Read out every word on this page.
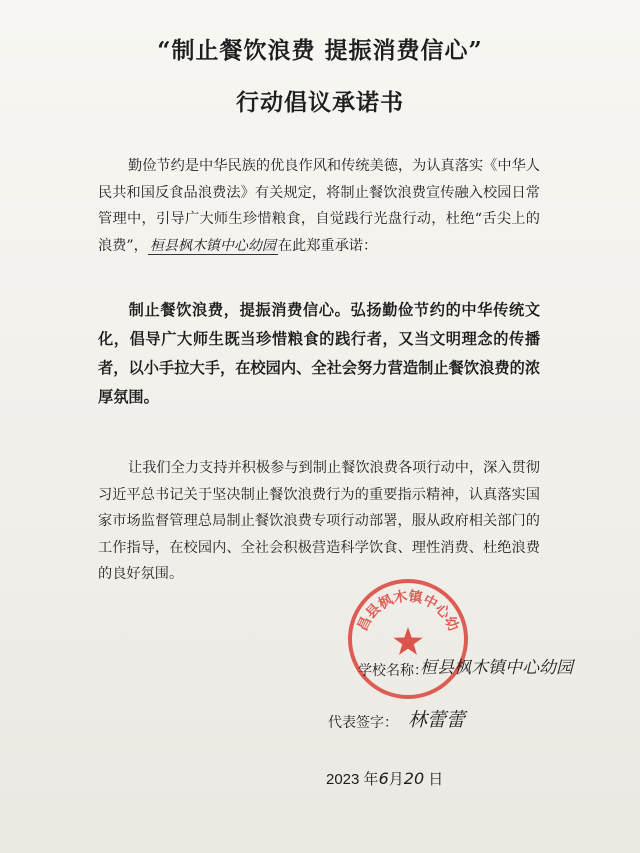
“制止餐饮浪费 提振消费信心”
行动倡议承诺书
勤俭节约是中华民族的优良作风和传统美德，为认真落实《中华人民共和国反食品浪费法》有关规定，将制止餐饮浪费宣传融入校园日常管理中，引导广大师生珍惜粮食，自觉践行光盘行动，杜绝“舌尖上的浪费”， 桓县枫木镇中心幼园 在此郑重承诺：
制止餐饮浪费，提振消费信心。弘扬勤俭节约的中华传统文化，倡导广大师生既当珍惜粮食的践行者，又当文明理念的传播者，以小手拉大手，在校园内、全社会努力营造制止餐饮浪费的浓厚氛围。
让我们全力支持并积极参与到制止餐饮浪费各项行动中，深入贯彻习近平总书记关于坚决制止餐饮浪费行为的重要指示精神，认真落实国家市场监督管理总局制止餐饮浪费专项行动部署，服从政府相关部门的工作指导，在校园内、全社会积极营造科学饮食、理性消费、杜绝浪费的良好氛围。
昌县枫木镇中心幼
学校名称：
桓县枫木镇中心幼园
代表签字： 林蕾蕾
2023 年6月20 日
